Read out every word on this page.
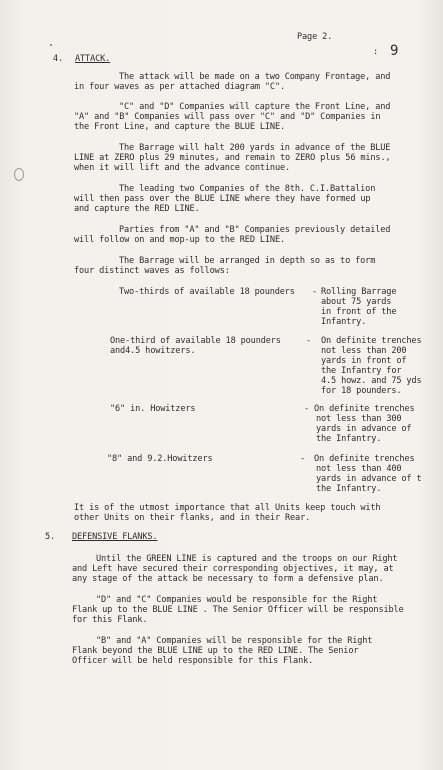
Page 2.
: 9
4. ATTACK.
The attack will be made on a two Company Frontage, and
in four waves as per attached diagram "C".
"C" and "D" Companies will capture the Front Line, and
"A" and "B" Companies will pass over "C" and "D" Companies in
the Front Line, and capture the BLUE LINE.
The Barrage will halt 200 yards in advance of the BLUE
LINE at ZERO plus 29 minutes, and remain to ZERO plus 56 mins.,
when it will lift and the advance continue.
The leading two Companies of the 8th. C.I.Battalion
will then pass over the BLUE LINE where they have formed up
and capture the RED LINE.
Parties from "A" and "B" Companies previously detailed
will follow on and mop-up to the RED LINE.
The Barrage will be arranged in depth so as to form
four distinct waves as follows:
Two-thirds of available 18 pounders - Rolling Barrage
about 75 yards
in front of the
Infantry.
One-third of available 18 pounders
and4.5 howitzers.
- On definite trenches
not less than 200
yards in front of
the Infantry for
4.5 howz. and 75 yds
for 18 pounders.
"6" in. Howitzers	- On definite trenches
not less than 300
yards in advance of
the Infantry.
"8" and 9.2.Howitzers	- On definite trenches
not less than 400
yards in advance of t
the Infantry.
It is of the utmost importance that all Units keep touch with
other Units on their flanks, and in their Rear.
5. DEFENSIVE FLANKS.
Until the GREEN LINE is captured and the troops on our Right
and Left have secured their corresponding objectives, it may, at
any stage of the attack be necessary to form a defensive plan.
"D" and "C" Companies would be responsible for the Right
Flank up to the BLUE LINE . The Senior Officer will be responsible
for this Flank.
"B" and "A" Companies will be responsible for the Right
Flank beyond the BLUE LINE up to the RED LINE. The Senior
Officer will be held responsible for this Flank.
